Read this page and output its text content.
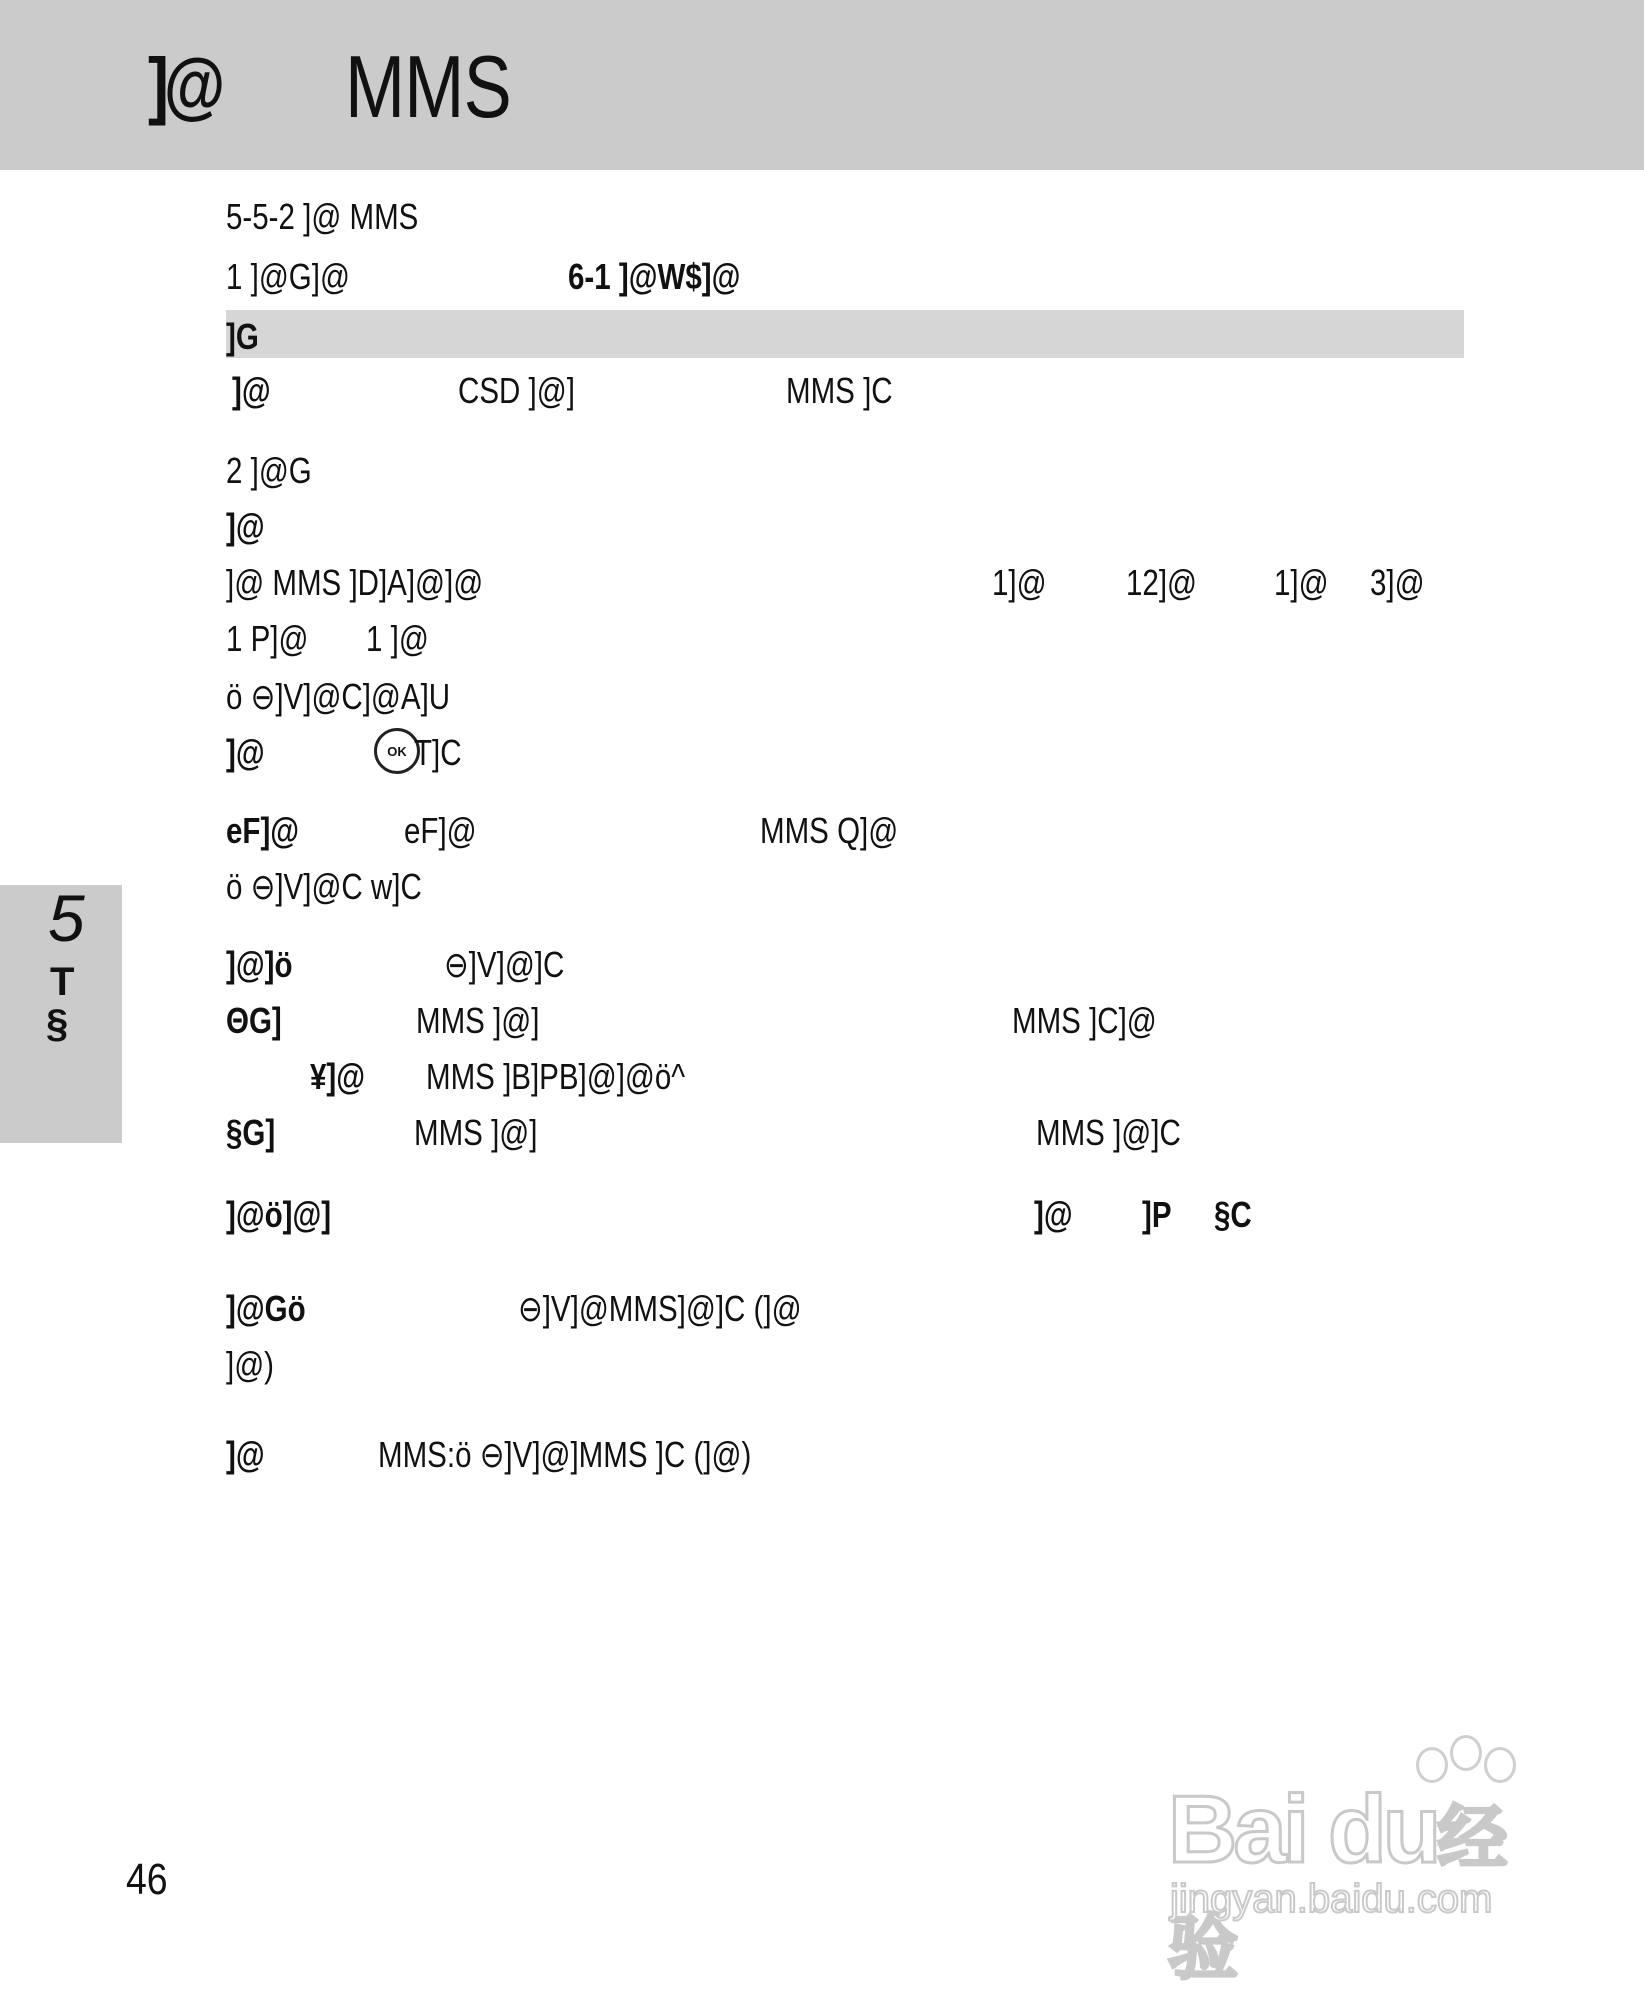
]@ MMS
5-5-2 ]@ MMS
1 ]@G]@	6-1 ]@W$]@
]G
]@	CSD ]@]	MMS ]C
2 ]@G
]@
]@ MMS ]D]A]@]@	1]@ 12]@ 1]@ 3]@
1 P]@ 1 ]@
ö ⊖]V]@C]@A]U
]@	OK T]C
eF]@	eF]@	MMS Q]@
ö ⊖]V]@C w]C
]@]ö	⊖]V]@]C
ΘG]	MMS ]@]	MMS ]C]@
¥]@ MMS ]B]PB]@]@ö^
§G]	MMS ]@]	MMS ]@]C
]@ö]@]	]@ ]P §C
]@Gö	⊖]V]@MMS]@]C (]@
]@)
]@	MMS:ö ⊖]V]@]MMS ]C (]@)
5
T
§
46	Bai du经验
jingyan.baidu.com
